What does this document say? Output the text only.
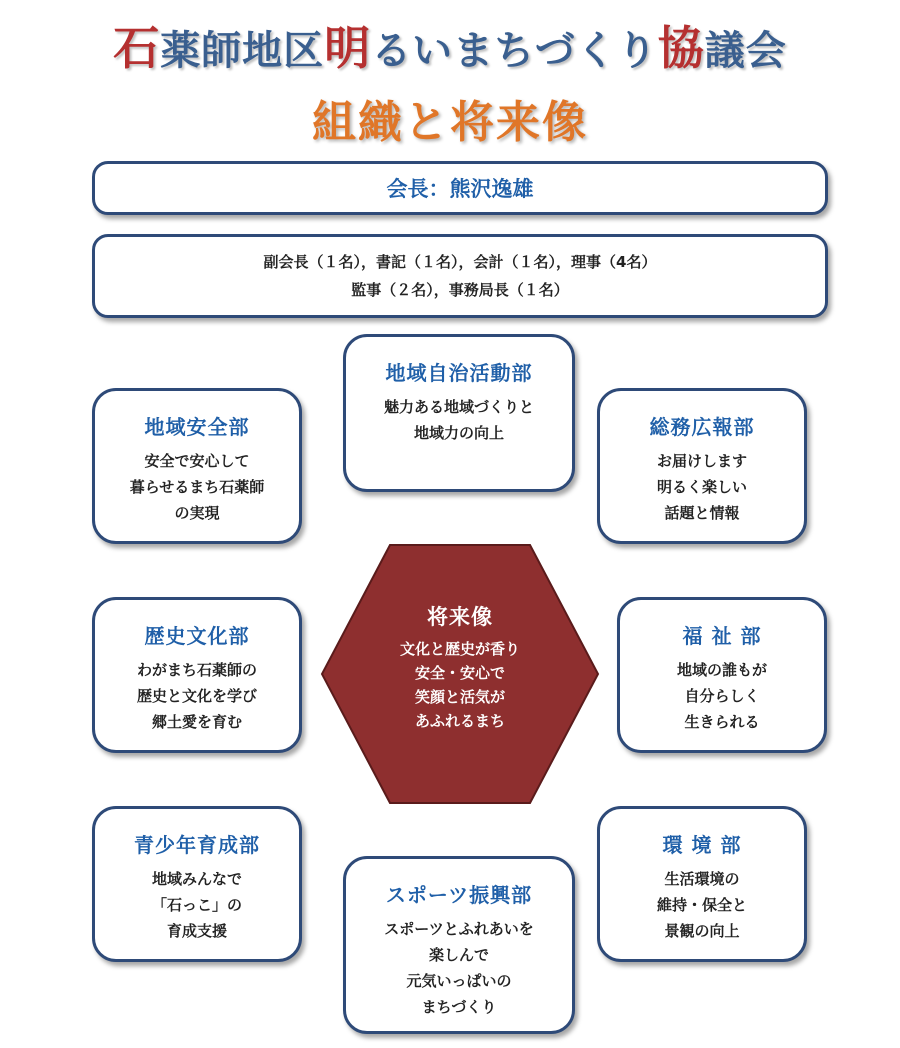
石薬師地区明るいまちづくり協議会
組織と将来像
会長：熊沢逸雄
副会長（１名），書記（１名），会計（１名），理事（4名）
監事（２名），事務局長（１名）
地域自治活動部
魅力ある地域づくりと
地域力の向上
地域安全部
安全で安心して
暮らせるまち石薬師
の実現
総務広報部
お届けします
明るく楽しい
話題と情報
歴史文化部
わがまち石薬師の
歴史と文化を学び
郷土愛を育む
福 祉 部
地域の誰もが
自分らしく
生きられる
青少年育成部
地域みんなで
「石っこ」の
育成支援
環 境 部
生活環境の
維持・保全と
景観の向上
スポーツ振興部
スポーツとふれあいを
楽しんで
元気いっぱいの
まちづくり
将来像
文化と歴史が香り
安全・安心で
笑顔と活気が
あふれるまち
